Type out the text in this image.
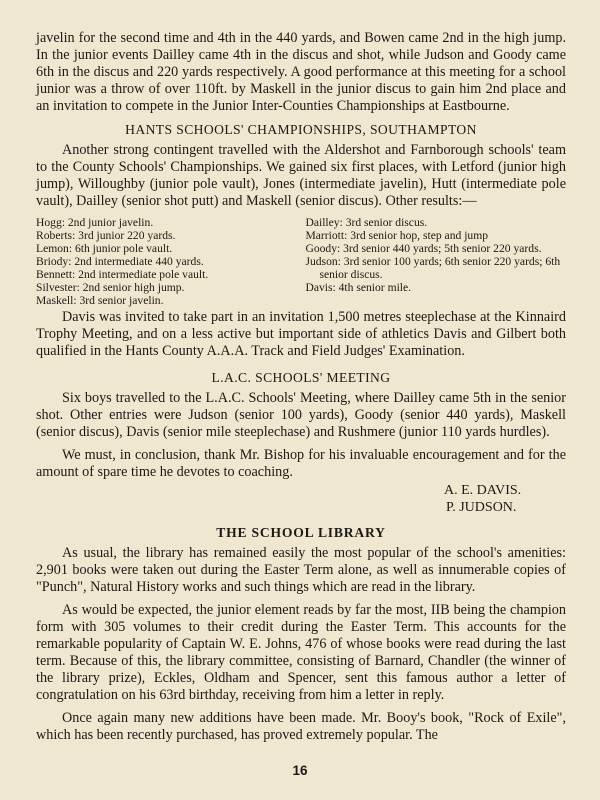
javelin for the second time and 4th in the 440 yards, and Bowen came 2nd in the high jump. In the junior events Dailley came 4th in the discus and shot, while Judson and Goody came 6th in the discus and 220 yards respectively. A good performance at this meeting for a school junior was a throw of over 110ft. by Maskell in the junior discus to gain him 2nd place and an invitation to compete in the Junior Inter-Counties Championships at Eastbourne.

HANTS SCHOOLS' CHAMPIONSHIPS, SOUTHAMPTON

Another strong contingent travelled with the Aldershot and Farnborough schools' team to the County Schools' Championships. We gained six first places, with Letford (junior high jump), Willoughby (junior pole vault), Jones (intermediate javelin), Hutt (intermediate pole vault), Dailley (senior shot putt) and Maskell (senior discus). Other results:—

Hogg: 2nd junior javelin.
Roberts: 3rd junior 220 yards.
Lemon: 6th junior pole vault.
Briody: 2nd intermediate 440 yards.
Bennett: 2nd intermediate pole vault.
Silvester: 2nd senior high jump.
Maskell: 3rd senior javelin.
Dailley: 3rd senior discus.
Marriott: 3rd senior hop, step and jump
Goody: 3rd senior 440 yards; 5th senior 220 yards.
Judson: 3rd senior 100 yards; 6th senior 220 yards; 6th senior discus.
Davis: 4th senior mile.

Davis was invited to take part in an invitation 1,500 metres steeplechase at the Kinnaird Trophy Meeting, and on a less active but important side of athletics Davis and Gilbert both qualified in the Hants County A.A.A. Track and Field Judges' Examination.

L.A.C. SCHOOLS' MEETING

Six boys travelled to the L.A.C. Schools' Meeting, where Dailley came 5th in the senior shot. Other entries were Judson (senior 100 yards), Goody (senior 440 yards), Maskell (senior discus), Davis (senior mile steeplechase) and Rushmere (junior 110 yards hurdles).

We must, in conclusion, thank Mr. Bishop for his invaluable encouragement and for the amount of spare time he devotes to coaching.

A. E. DAVIS.
P. JUDSON.
THE SCHOOL LIBRARY

As usual, the library has remained easily the most popular of the school's amenities: 2,901 books were taken out during the Easter Term alone, as well as innumerable copies of "Punch", Natural History works and such things which are read in the library.

As would be expected, the junior element reads by far the most, IIB being the champion form with 305 volumes to their credit during the Easter Term. This accounts for the remarkable popularity of Captain W. E. Johns, 476 of whose books were read during the last term. Because of this, the library committee, consisting of Barnard, Chandler (the winner of the library prize), Eckles, Oldham and Spencer, sent this famous author a letter of congratulation on his 63rd birthday, receiving from him a letter in reply.

Once again many new additions have been made. Mr. Booy's book, "Rock of Exile", which has been recently purchased, has proved extremely popular. The

16
